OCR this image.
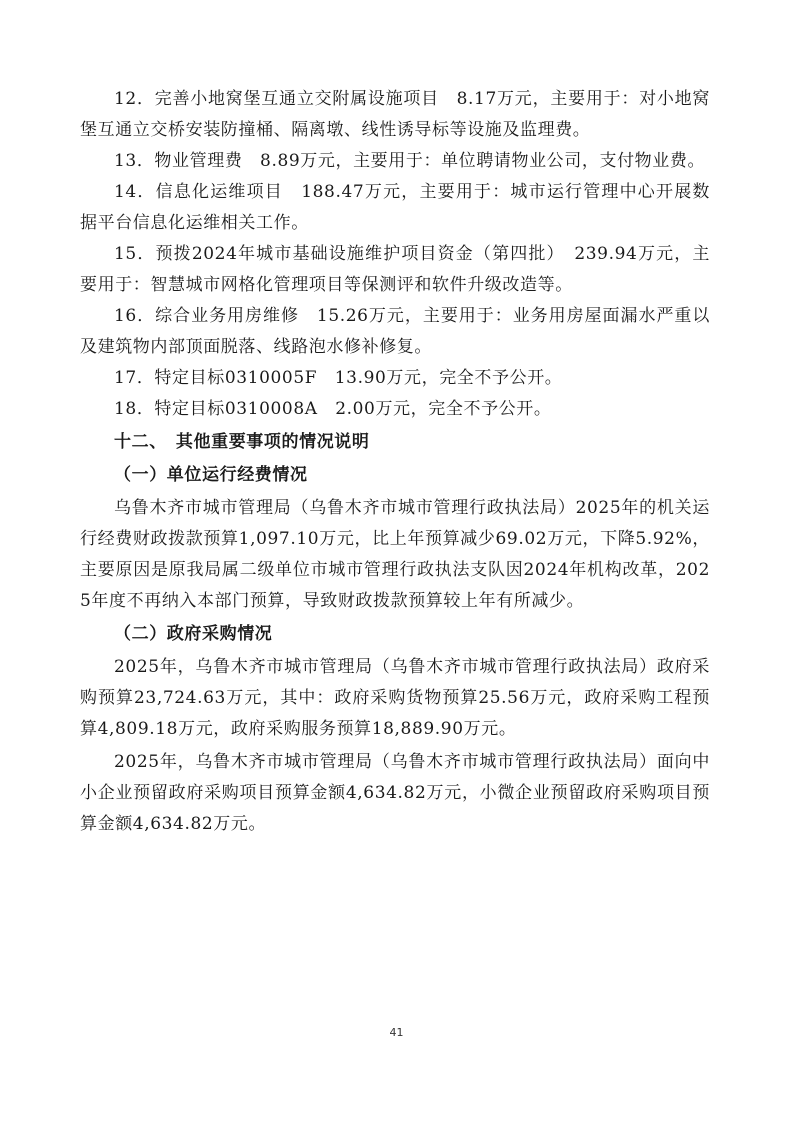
12．完善小地窝堡互通立交附属设施项目　8.17万元，主要用于：对小地窝堡互通立交桥安装防撞桶、隔离墩、线性诱导标等设施及监理费。

13．物业管理费　8.89万元，主要用于：单位聘请物业公司，支付物业费。

14．信息化运维项目　188.47万元，主要用于：城市运行管理中心开展数据平台信息化运维相关工作。

15．预拨2024年城市基础设施维护项目资金（第四批）　239.94万元，主要用于：智慧城市网格化管理项目等保测评和软件升级改造等。

16．综合业务用房维修　15.26万元，主要用于：业务用房屋面漏水严重以及建筑物内部顶面脱落、线路泡水修补修复。

17．特定目标0310005F　13.90万元，完全不予公开。

18．特定目标0310008A　2.00万元，完全不予公开。

十二、　其他重要事项的情况说明

（一）单位运行经费情况

乌鲁木齐市城市管理局（乌鲁木齐市城市管理行政执法局）2025年的机关运行经费财政拨款预算1,097.10万元，比上年预算减少69.02万元，下降5.92%，主要原因是原我局属二级单位市城市管理行政执法支队因2024年机构改革，2025年度不再纳入本部门预算，导致财政拨款预算较上年有所减少。

（二）政府采购情况

2025年，乌鲁木齐市城市管理局（乌鲁木齐市城市管理行政执法局）政府采购预算23,724.63万元，其中：政府采购货物预算25.56万元，政府采购工程预算4,809.18万元，政府采购服务预算18,889.90万元。

2025年，乌鲁木齐市城市管理局（乌鲁木齐市城市管理行政执法局）面向中小企业预留政府采购项目预算金额4,634.82万元，小微企业预留政府采购项目预算金额4,634.82万元。

41
